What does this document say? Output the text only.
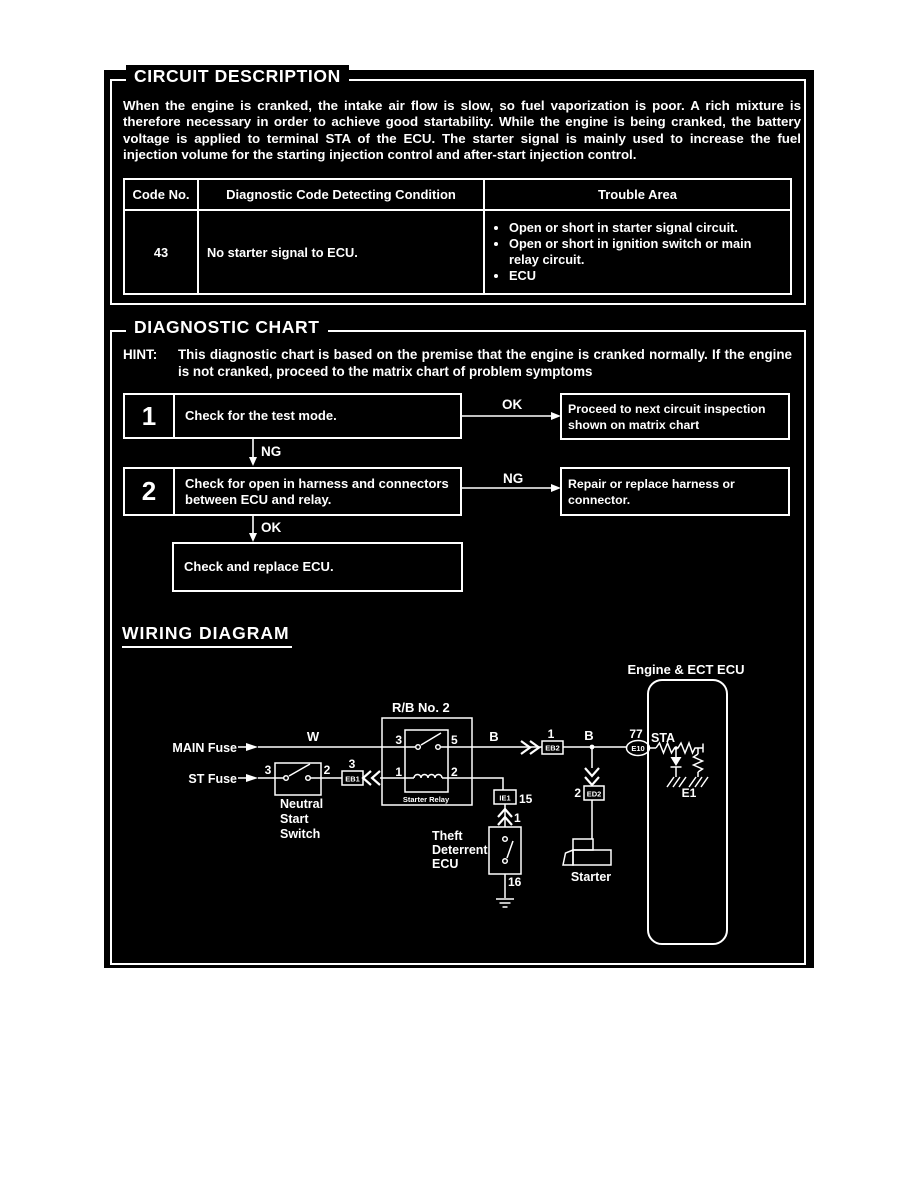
CIRCUIT DESCRIPTION

When the engine is cranked, the intake air flow is slow, so fuel vaporization is poor. A rich mixture is therefore necessary in order to achieve good startability. While the engine is being cranked, the battery voltage is applied to terminal STA of the ECU. The starter signal is mainly used to increase the fuel injection volume for the starting injection control and after-start injection control.

Code No.	Diagnostic Code Detecting Condition	Trouble Area
43	No starter signal to ECU.	
• Open or short in starter signal circuit.
• Open or short in ignition switch or main relay circuit.
• ECU
DIAGNOSTIC CHART
HINT: This diagnostic chart is based on the premise that the engine is cranked normally. If the engine is not cranked, proceed to the matrix chart of problem symptoms
1	Check for the test mode.	Proceed to next circuit inspection shown on matrix chart
2	Check for open in harness and connectors between ECU and relay.
Repair or replace harness or connector.
Check and replace ECU.
OK
NG
NG
OK
WIRING DIAGRAM
MAIN Fuse
ST Fuse
W	B	B
R/B No. 2
Starter Relay
3	5
1	2
3	2 3
EB1
1
EB2
77
E10
STA
E1
2 ED2
IE1 15
1
16
Neutral
Start
Switch	Theft
Deterrent
ECU
Starter
Engine & ECT ECU
